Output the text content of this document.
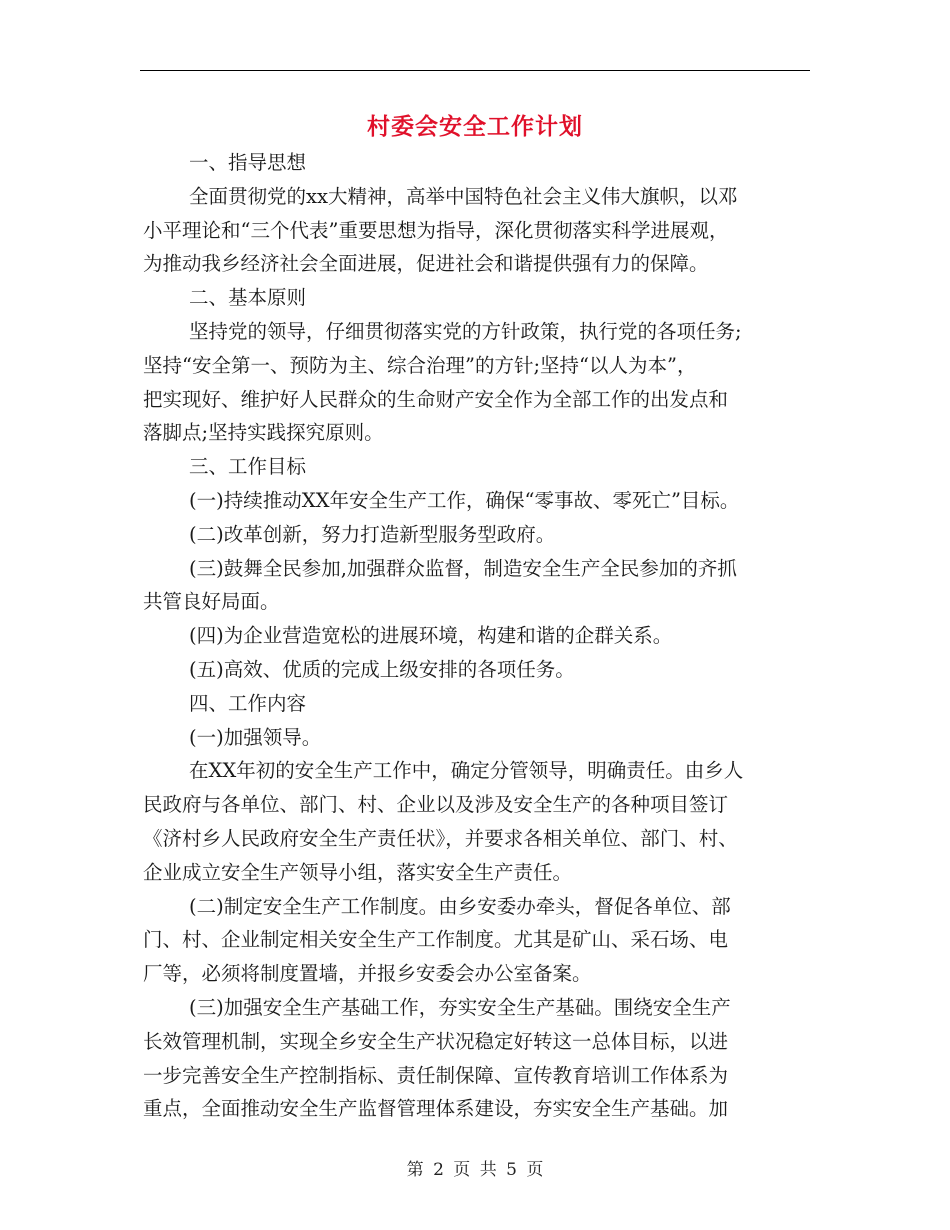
村委会安全工作计划

一、指导思想

全面贯彻党的xx大精神，高举中国特色社会主义伟大旗帜，以邓
小平理论和“三个代表”重要思想为指导，深化贯彻落实科学进展观，
为推动我乡经济社会全面进展，促进社会和谐提供强有力的保障。

二、基本原则

坚持党的领导，仔细贯彻落实党的方针政策，执行党的各项任务;
坚持“安全第一、预防为主、综合治理”的方针;坚持“以人为本”，
把实现好、维护好人民群众的生命财产安全作为全部工作的出发点和
落脚点;坚持实践探究原则。

三、工作目标

(一)持续推动XX年安全生产工作，确保“零事故、零死亡”目标。

(二)改革创新，努力打造新型服务型政府。

(三)鼓舞全民参加,加强群众监督，制造安全生产全民参加的齐抓
共管良好局面。

(四)为企业营造宽松的进展环境，构建和谐的企群关系。

(五)高效、优质的完成上级安排的各项任务。

四、工作内容

(一)加强领导。

在XX年初的安全生产工作中，确定分管领导，明确责任。由乡人
民政府与各单位、部门、村、企业以及涉及安全生产的各种项目签订
《济村乡人民政府安全生产责任状》，并要求各相关单位、部门、村、
企业成立安全生产领导小组，落实安全生产责任。

(二)制定安全生产工作制度。由乡安委办牵头，督促各单位、部
门、村、企业制定相关安全生产工作制度。尤其是矿山、采石场、电
厂等，必须将制度置墙，并报乡安委会办公室备案。

(三)加强安全生产基础工作，夯实安全生产基础。围绕安全生产
长效管理机制，实现全乡安全生产状况稳定好转这一总体目标，以进
一步完善安全生产控制指标、责任制保障、宣传教育培训工作体系为
重点，全面推动安全生产监督管理体系建设，夯实安全生产基础。加

第 2 页 共 5 页
